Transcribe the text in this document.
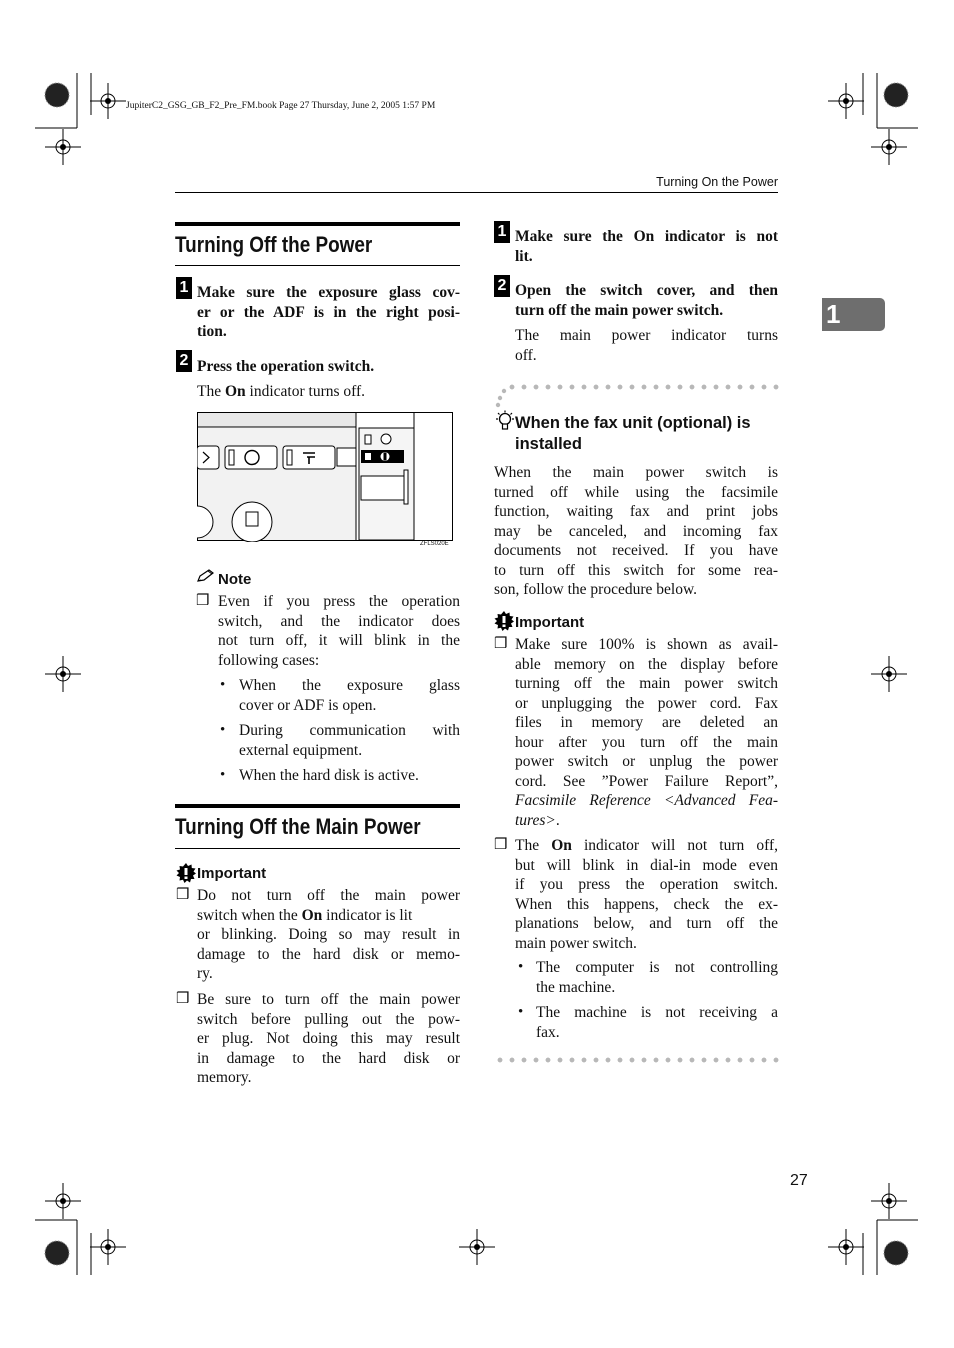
JupiterC2_GSG_GB_F2_Pre_FM.book Page 27 Thursday, June 2, 2005 1:57 PM
Turning On the Power
1
Turning Off the Power
1 Make sure the exposure glass cov-
er or the ADF is in the right posi-
tion.
2 Press the operation switch.
The On indicator turns off.
ZFLS020E
Note
❒ Even if you press the operation
switch, and the indicator does
not turn off, it will blink in the
following cases:
• When the exposure glass
cover or ADF is open.
• During communication with
external equipment.
• When the hard disk is active.
Turning Off the Main Power
Important
❒ Do not turn off the main power
switch when the On indicator is lit
or blinking. Doing so may result in
damage to the hard disk or memo-
ry.
❒ Be sure to turn off the main power
switch before pulling out the pow-
er plug. Not doing this may result
in damage to the hard disk or
memory.
1 Make sure the On indicator is not
lit.
2 Open the switch cover, and then
turn off the main power switch.
The main power indicator turns
off.
When the fax unit (optional) is
installed
When the main power switch is
turned off while using the facsimile
function, waiting fax and print jobs
may be canceled, and incoming fax
documents not received. If you have
to turn off this switch for some rea-
son, follow the procedure below.
Important
❒ Make sure 100% is shown as avail-
able memory on the display before
turning off the main power switch
or unplugging the power cord. Fax
files in memory are deleted an
hour after you turn off the main
power switch or unplug the power
cord. See ”Power Failure Report”,
Facsimile Reference <Advanced Fea-
tures>.
❒ The On indicator will not turn off,
but will blink in dial-in mode even
if you press the operation switch.
When this happens, check the ex-
planations below, and turn off the
main power switch.
• The computer is not controlling
the machine.
• The machine is not receiving a
fax.
27
